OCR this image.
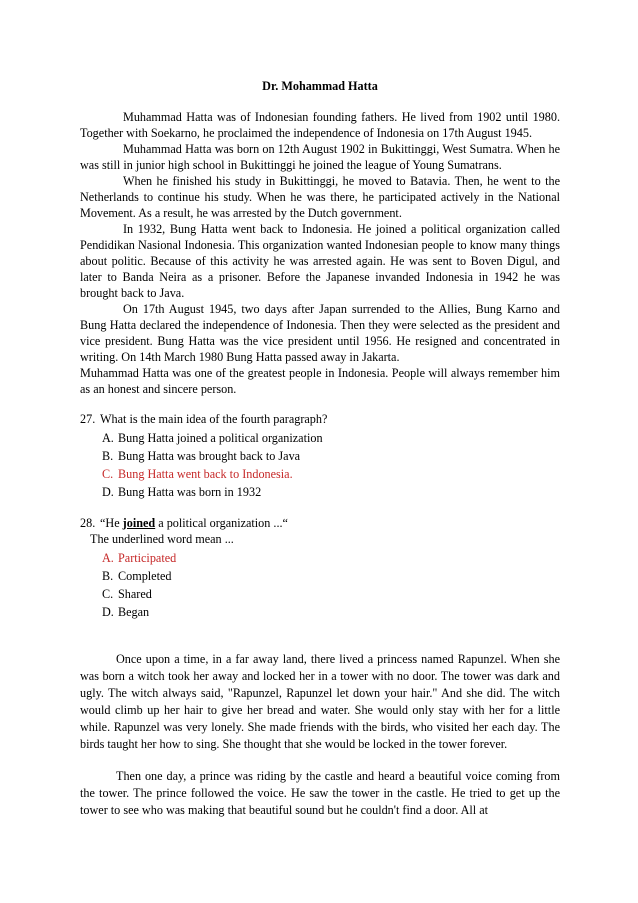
Dr. Mohammad Hatta

Muhammad Hatta was of Indonesian founding fathers. He lived from 1902 until 1980. Together with Soekarno, he proclaimed the independence of Indonesia on 17th August 1945.

Muhammad Hatta was born on 12th August 1902 in Bukittinggi, West Sumatra. When he was still in junior high school in Bukittinggi he joined the league of Young Sumatrans.

When he finished his study in Bukittinggi, he moved to Batavia. Then, he went to the Netherlands to continue his study. When he was there, he participated actively in the National Movement. As a result, he was arrested by the Dutch government.

In 1932, Bung Hatta went back to Indonesia. He joined a political organization called Pendidikan Nasional Indonesia. This organization wanted Indonesian people to know many things about politic. Because of this activity he was arrested again. He was sent to Boven Digul, and later to Banda Neira as a prisoner. Before the Japanese invanded Indonesia in 1942 he was brought back to Java.

On 17th August 1945, two days after Japan surrended to the Allies, Bung Karno and Bung Hatta declared the independence of Indonesia. Then they were selected as the president and vice president. Bung Hatta was the vice president until 1956. He resigned and concentrated in writing. On 14th March 1980 Bung Hatta passed away in Jakarta.

Muhammad Hatta was one of the greatest people in Indonesia. People will always remember him as an honest and sincere person.

27. What is the main idea of the fourth paragraph?
A. Bung Hatta joined a political organization
B. Bung Hatta was brought back to Java
C. Bung Hatta went back to Indonesia.
D. Bung Hatta was born in 1932
28. “He joined a political organization ...“
The underlined word mean ...
A. Participated
B. Completed
C. Shared
D. Began

Once upon a time, in a far away land, there lived a princess named Rapunzel. When she was born a witch took her away and locked her in a tower with no door. The tower was dark and ugly. The witch always said, "Rapunzel, Rapunzel let down your hair." And she did. The witch would climb up her hair to give her bread and water. She would only stay with her for a little while. Rapunzel was very lonely. She made friends with the birds, who visited her each day. The birds taught her how to sing. She thought that she would be locked in the tower forever.

Then one day, a prince was riding by the castle and heard a beautiful voice coming from the tower. The prince followed the voice. He saw the tower in the castle. He tried to get up the tower to see who was making that beautiful sound but he couldn't find a door. All at
